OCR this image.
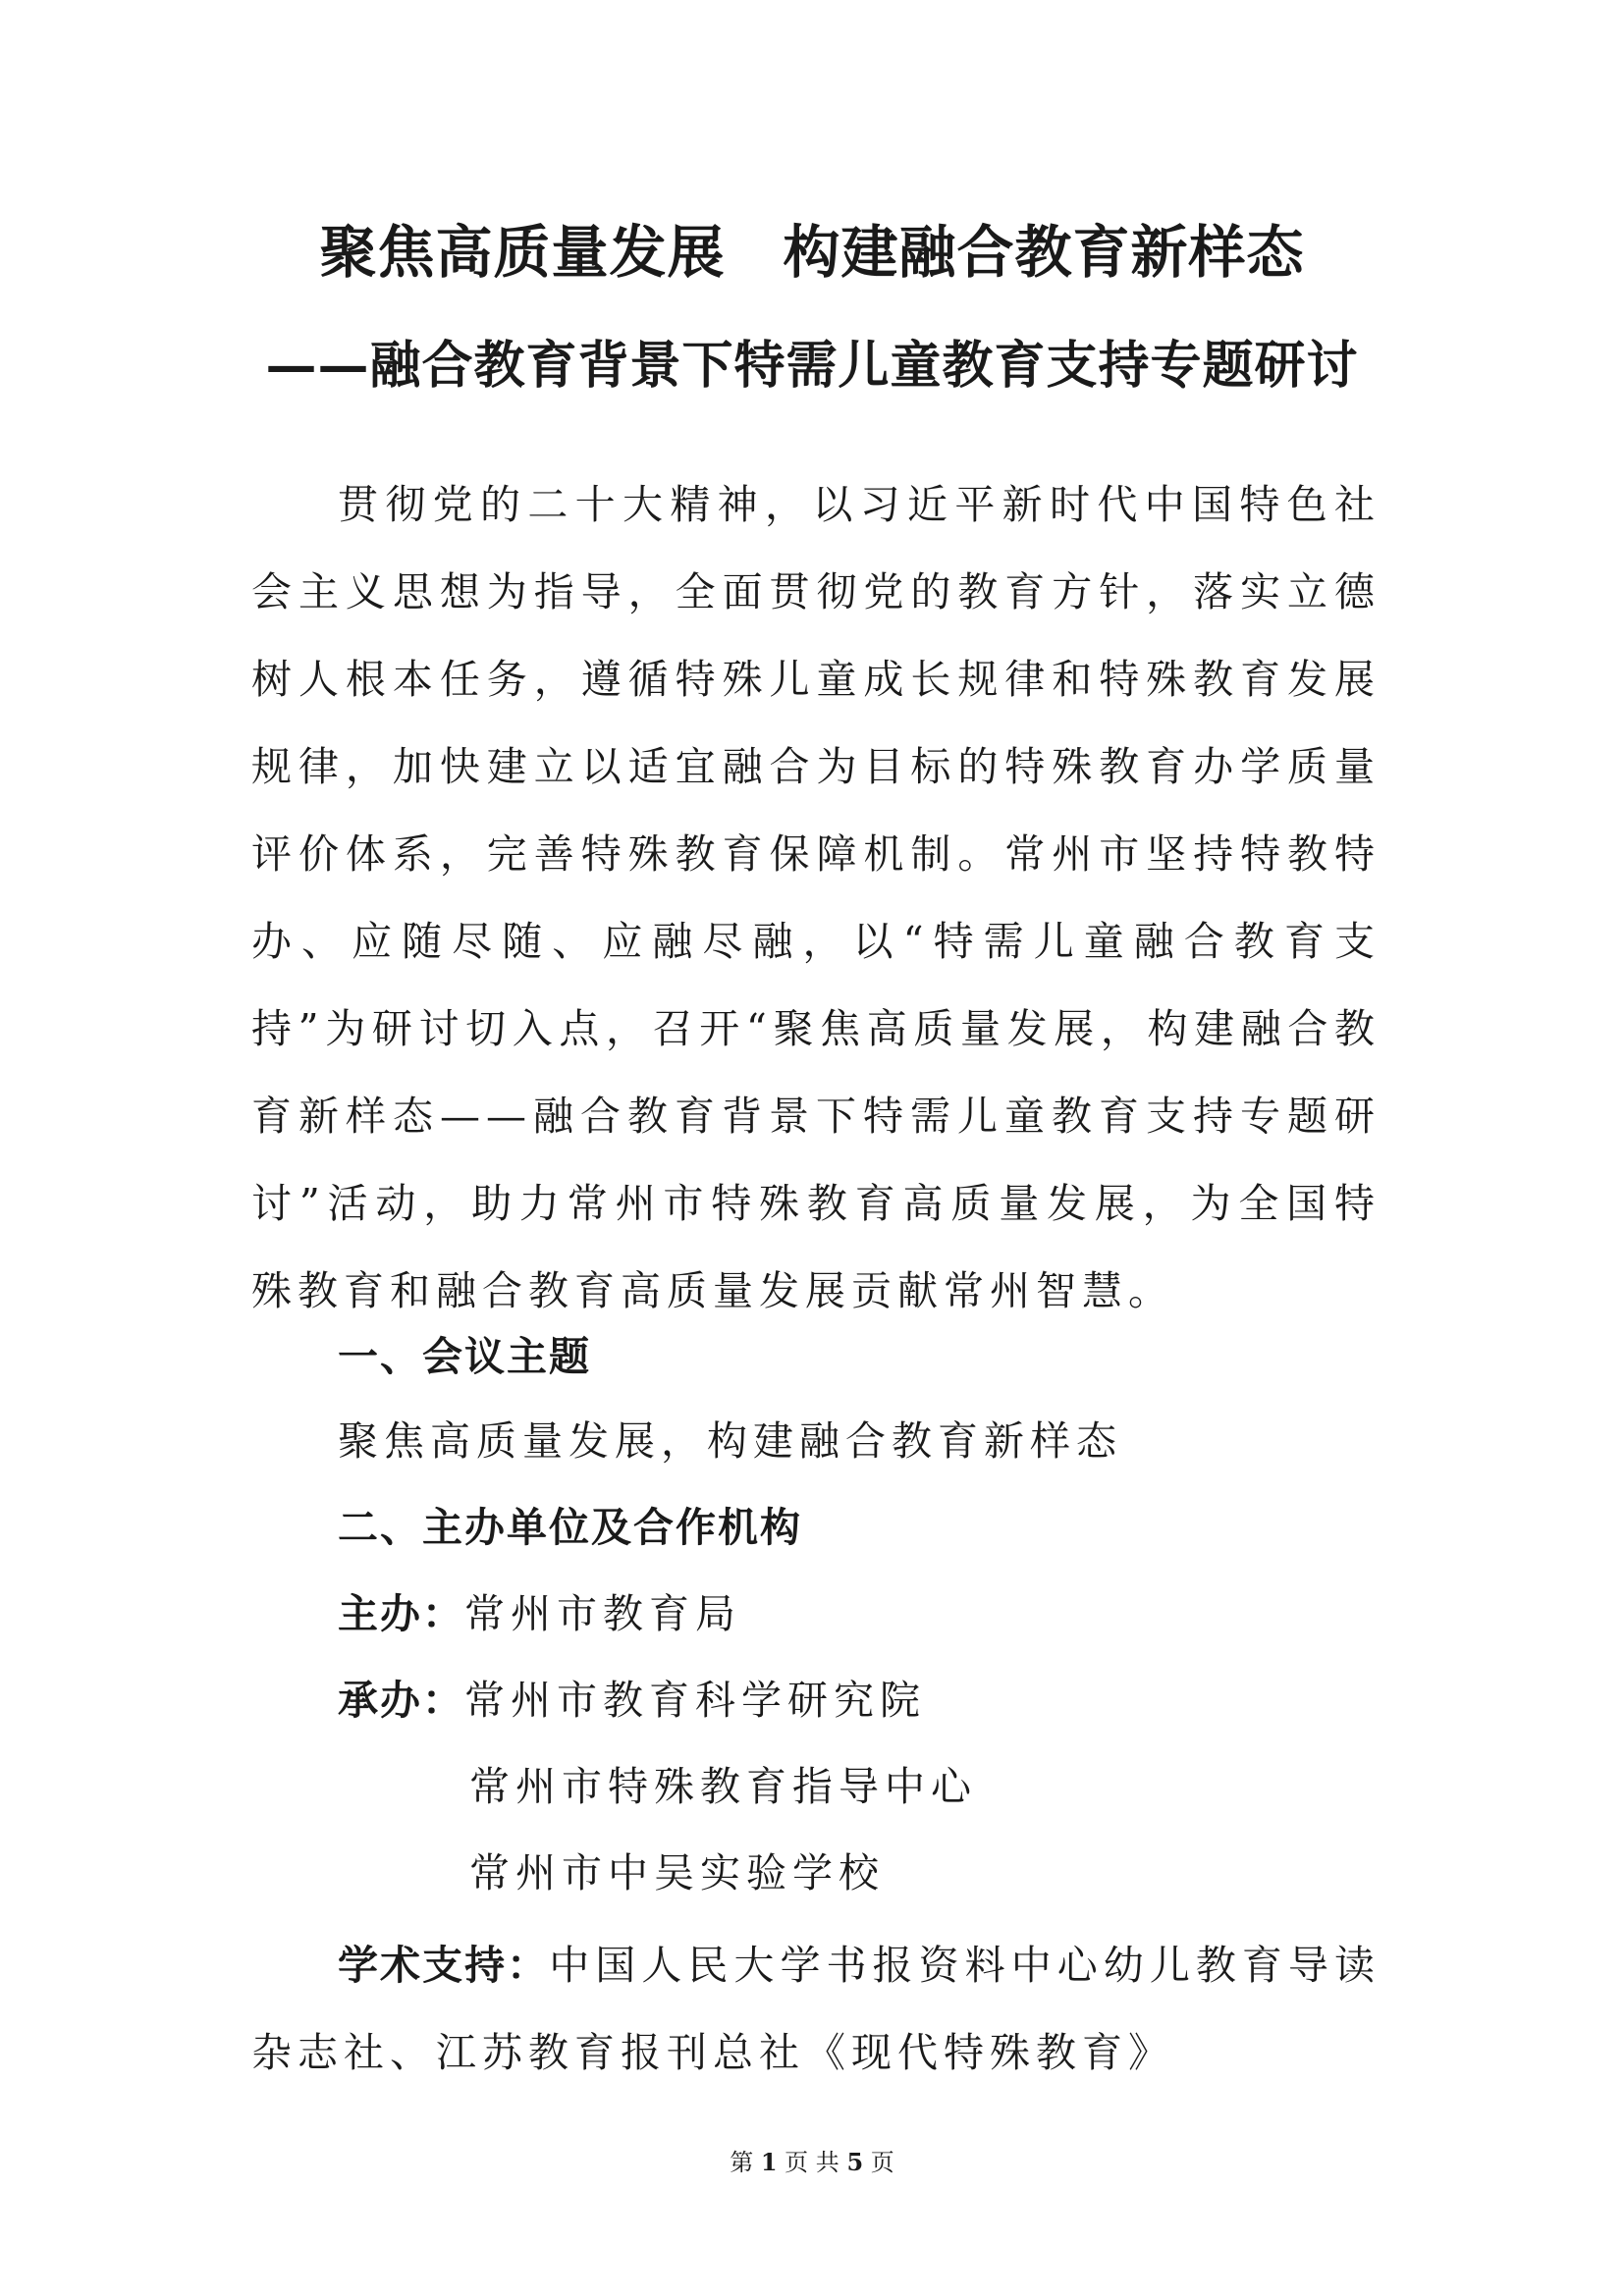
聚焦高质量发展　构建融合教育新样态
——融合教育背景下特需儿童教育支持专题研讨

贯彻党的二十大精神，以习近平新时代中国特色社会主义思想为指导，全面贯彻党的教育方针，落实立德树人根本任务，遵循特殊儿童成长规律和特殊教育发展规律，加快建立以适宜融合为目标的特殊教育办学质量评价体系，完善特殊教育保障机制。常州市坚持特教特办、应随尽随、应融尽融，以“特需儿童融合教育支持”为研讨切入点，召开“聚焦高质量发展，构建融合教育新样态——融合教育背景下特需儿童教育支持专题研讨”活动，助力常州市特殊教育高质量发展，为全国特殊教育和融合教育高质量发展贡献常州智慧。

一、会议主题

聚焦高质量发展，构建融合教育新样态

二、主办单位及合作机构

主办：常州市教育局

承办：常州市教育科学研究院

常州市特殊教育指导中心

常州市中吴实验学校

学术支持：中国人民大学书报资料中心幼儿教育导读杂志社、江苏教育报刊总社《现代特殊教育》

第 1 页 共 5 页
